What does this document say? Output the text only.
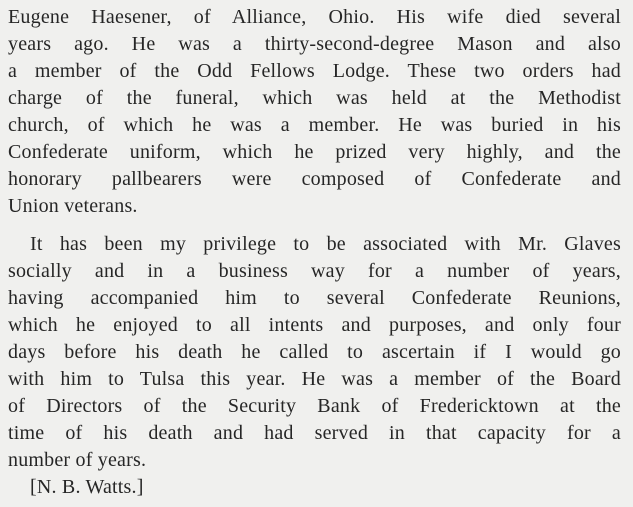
Eugene Haesener, of Alliance, Ohio. His wife died several
years ago. He was a thirty-second-degree Mason and also
a member of the Odd Fellows Lodge. These two orders had
charge of the funeral, which was held at the Methodist
church, of which he was a member. He was buried in his
Confederate uniform, which he prized very highly, and the
honorary pallbearers were composed of Confederate and
Union veterans.
It has been my privilege to be associated with Mr. Glaves
socially and in a business way for a number of years,
having accompanied him to several Confederate Reunions,
which he enjoyed to all intents and purposes, and only four
days before his death he called to ascertain if I would go
with him to Tulsa this year. He was a member of the Board
of Directors of the Security Bank of Fredericktown at the
time of his death and had served in that capacity for a
number of years.
[N. B. Watts.]
